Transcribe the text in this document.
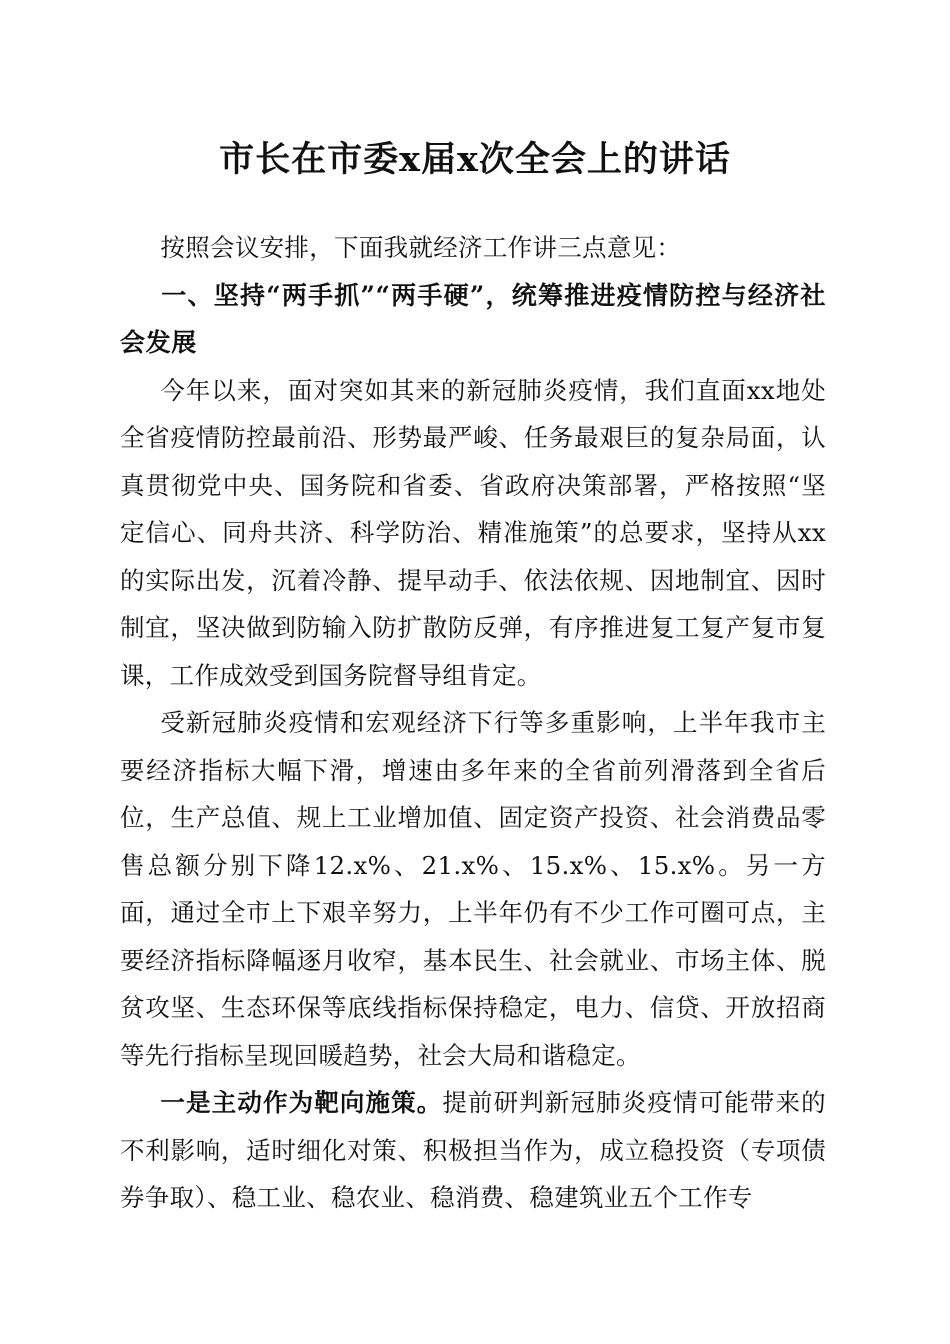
市长在市委x届x次全会上的讲话

按照会议安排，下面我就经济工作讲三点意见：

一、坚持“两手抓”“两手硬”，统筹推进疫情防控与经济社会发展

今年以来，面对突如其来的新冠肺炎疫情，我们直面xx地处全省疫情防控最前沿、形势最严峻、任务最艰巨的复杂局面，认真贯彻党中央、国务院和省委、省政府决策部署，严格按照“坚定信心、同舟共济、科学防治、精准施策”的总要求，坚持从xx的实际出发，沉着冷静、提早动手、依法依规、因地制宜、因时制宜，坚决做到防输入防扩散防反弹，有序推进复工复产复市复课，工作成效受到国务院督导组肯定。

受新冠肺炎疫情和宏观经济下行等多重影响，上半年我市主要经济指标大幅下滑，增速由多年来的全省前列滑落到全省后位，生产总值、规上工业增加值、固定资产投资、社会消费品零售总额分别下降12.x%、21.x%、15.x%、15.x%。另一方面，通过全市上下艰辛努力，上半年仍有不少工作可圈可点，主要经济指标降幅逐月收窄，基本民生、社会就业、市场主体、脱贫攻坚、生态环保等底线指标保持稳定，电力、信贷、开放招商等先行指标呈现回暖趋势，社会大局和谐稳定。

一是主动作为靶向施策。提前研判新冠肺炎疫情可能带来的不利影响，适时细化对策、积极担当作为，成立稳投资（专项债券争取）、稳工业、稳农业、稳消费、稳建筑业五个工作专
